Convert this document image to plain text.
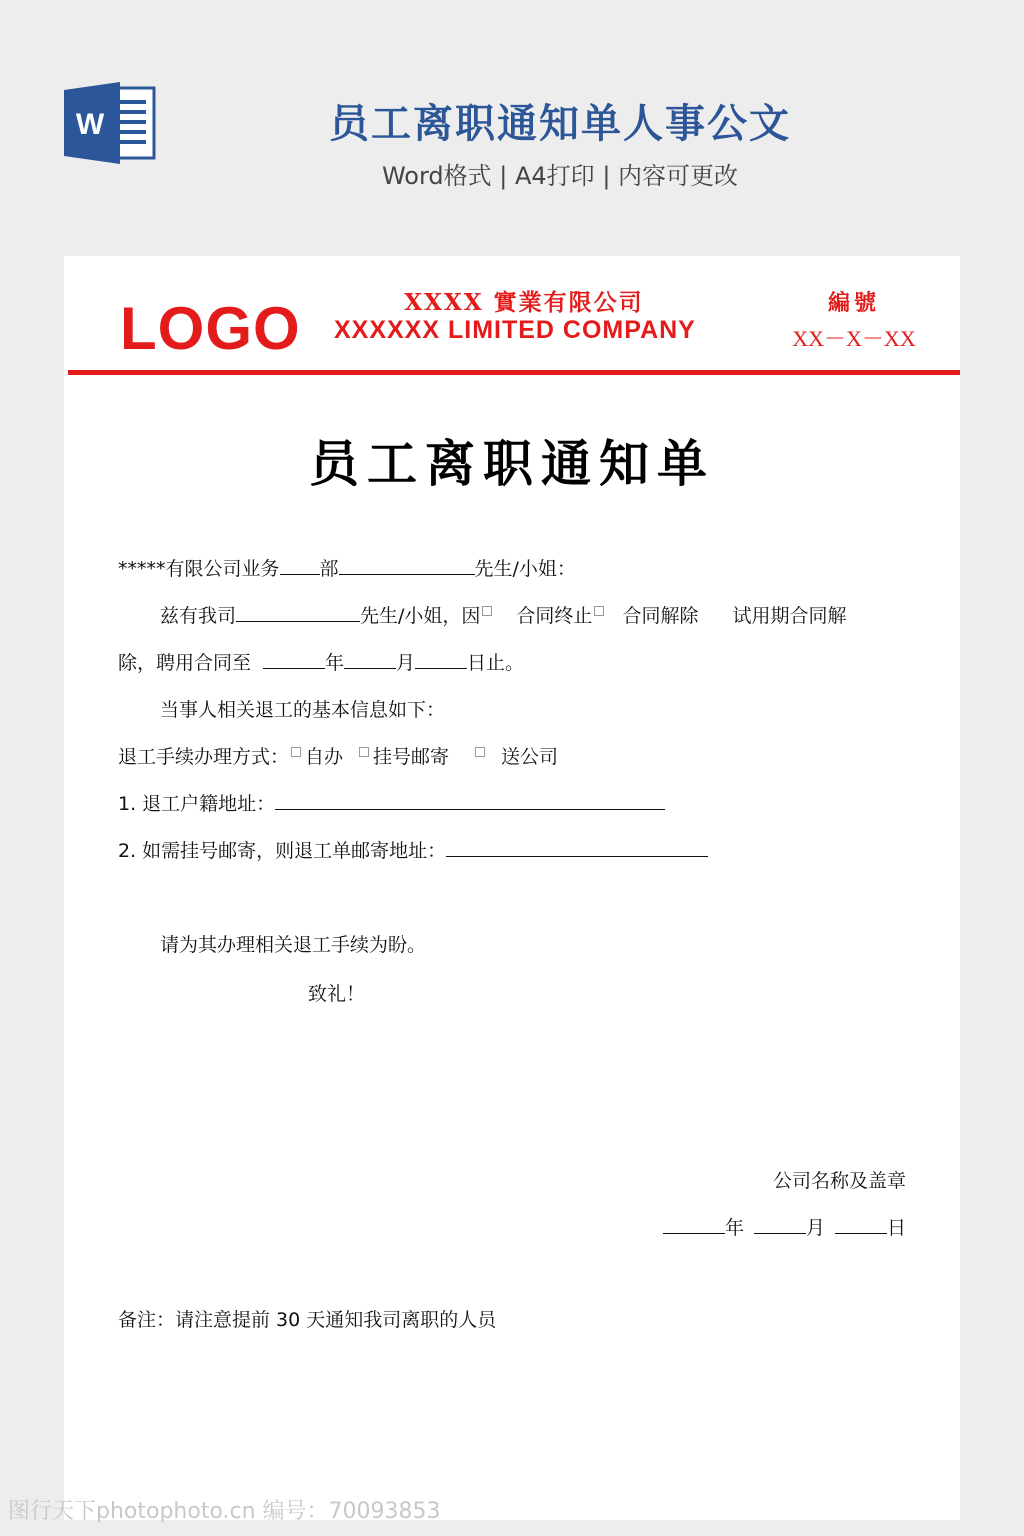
W	员工离职通知单人事公文
Word格式 | A4打印 | 内容可更改
LOGO	XXXX 實業有限公司
XXXXXX LIMITED COMPANY
編號
XX－X－XX
员工离职通知单
*****有限公司业务 部	先生/小姐：
兹有我司	先生/小姐，因 合同终止 合同解除 试用期合同解
除，聘用合同至	年	月	日止。
当事人相关退工的基本信息如下：
退工手续办理方式： 自办 挂号邮寄	送公司
1. 退工户籍地址：
2. 如需挂号邮寄，则退工单邮寄地址：
请为其办理相关退工手续为盼。
致礼！
公司名称及盖章
年	月	日
备注：请注意提前 30 天通知我司离职的人员
图行天下photophoto.cn 编号：70093853
